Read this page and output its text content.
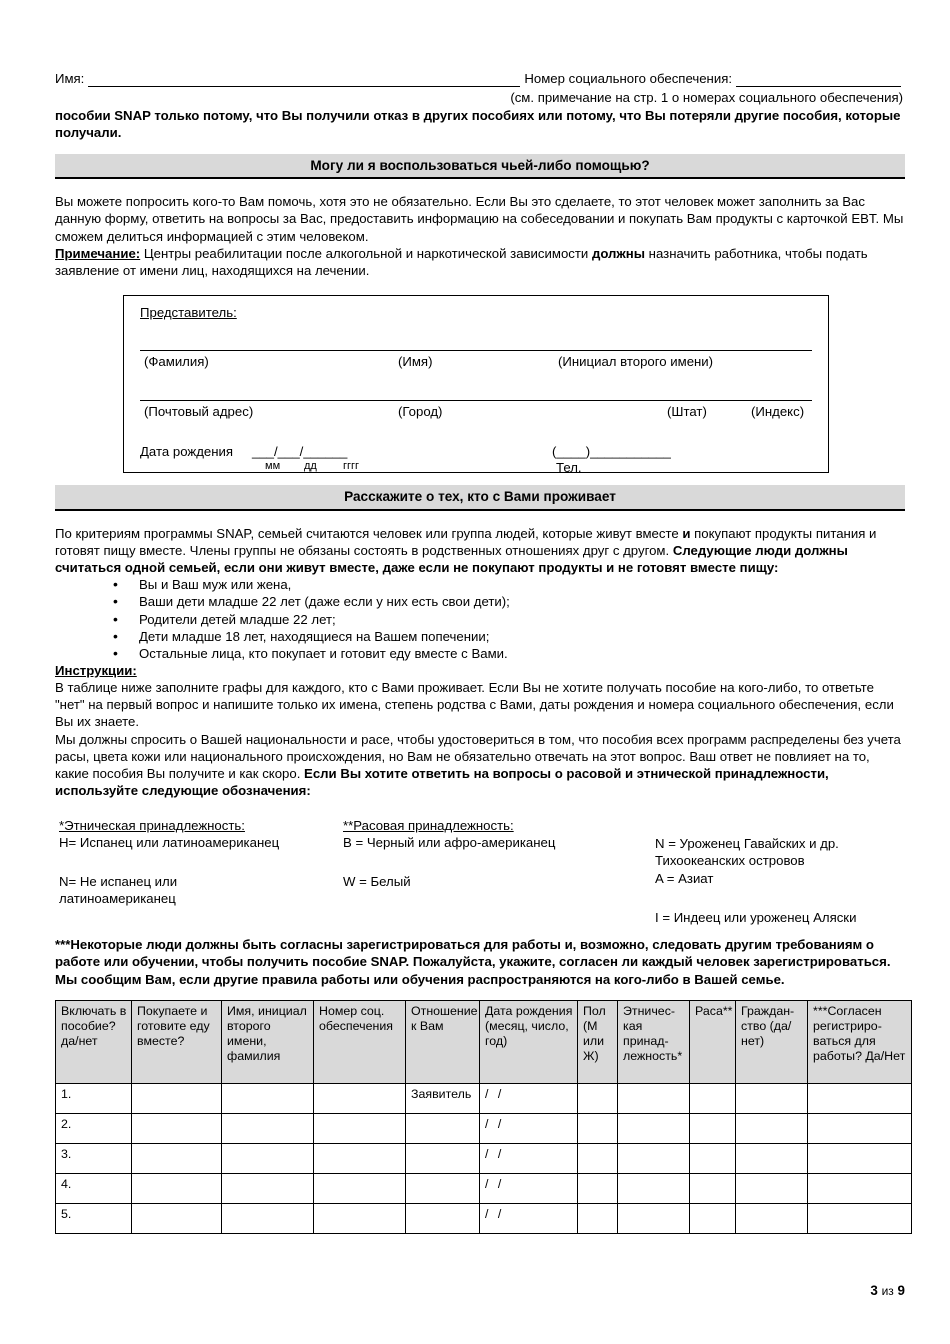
Имя:	Номер социального обеспечения:
(см. примечание на стр. 1 о номерах социального обеспечения)
пособии SNAP только потому, что Вы получили отказ в других пособиях или потому, что Вы потеряли другие пособия, которые получали.
Могу ли я воспользоваться чьей-либо помощью?

Вы можете попросить кого-то Вам помочь, хотя это не обязательно. Если Вы это сделаете, то этот человек может заполнить за Вас данную форму, ответить на вопросы за Вас, предоставить информацию на собеседовании и покупать Вам продукты с карточкой EBT. Мы сможем делиться информацией с этим человеком.

Примечание: Центры реабилитации после алкогольной и наркотической зависимости должны назначить работника, чтобы подать заявление от имени лиц, находящихся на лечении.

Представитель:
(Фамилия)	(Имя)	(Инициал второго имени)
(Почтовый адрес)	(Город)	(Штат)	(Индекс)
Дата рождения ___/___/______
мм дд гггг
(____)___________
Тел.
Расскажите о тех, кто с Вами проживает

По критериям программы SNAP, семьей считаются человек или группа людей, которые живут вместе и покупают продукты питания и готовят пищу вместе. Члены группы не обязаны состоять в родственных отношениях друг с другом. Следующие люди должны считаться одной семьей, если они живут вместе, даже если не покупают продукты и не готовят вместе пищу:

• Вы и Ваш муж или жена,
• Ваши дети младше 22 лет (даже если у них есть свои дети);
• Родители детей младше 22 лет;
• Дети младше 18 лет, находящиеся на Вашем попечении;
• Остальные лица, кто покупает и готовит еду вместе с Вами.
Инструкции:

В таблице ниже заполните графы для каждого, кто с Вами проживает. Если Вы не хотите получать пособие на кого-либо, то ответьте "нет" на первый вопрос и напишите только их имена, степень родства с Вами, даты рождения и номера социального обеспечения, если Вы их знаете.

Мы должны спросить о Вашей национальности и расе, чтобы удостовериться в том, что пособия всех программ распределены без учета расы, цвета кожи или национального происхождения, но Вам не обязательно отвечать на этот вопрос. Ваш ответ не повлияет на то, какие пособия Вы получите и как скоро. Если Вы хотите ответить на вопросы о расовой и этнической принадлежности, используйте следующие обозначения:

*Этническая принадлежность:
H= Испанец или латиноамериканец
N= Не испанец или
латиноамериканец
**Расовая принадлежность:
B = Черный или афро-американец
W = Белый
N = Уроженец Гавайских и др.
Тихоокеанских островов
A = Азиат
I = Индеец или уроженец Аляски
***Некоторые люди должны быть согласны зарегистрироваться для работы и, возможно, следовать другим требованиям о работе или обучении, чтобы получить пособие SNAP. Пожалуйста, укажите, согласен ли каждый человек зарегистрироваться. Мы сообщим Вам, если другие правила работы или обучения распространяются на кого-либо в Вашей семье.
Включать в пособие? да/нет	Покупаете и готовите еду вместе?	Имя, инициал второго имени, фамилия	Номер соц. обеспечения	Отношение к Вам	Дата рождения (месяц, число, год)	Пол (М или Ж)	Этничес-кая принад-лежность*	Раса**	Граждан-ство (да/нет)	***Согласен регистриро-ваться для работы? Да/Нет
1.				Заявитель	/ /					
2.					/ /					
3.					/ /					
4.					/ /					
5.					/ /					
3 из 9
